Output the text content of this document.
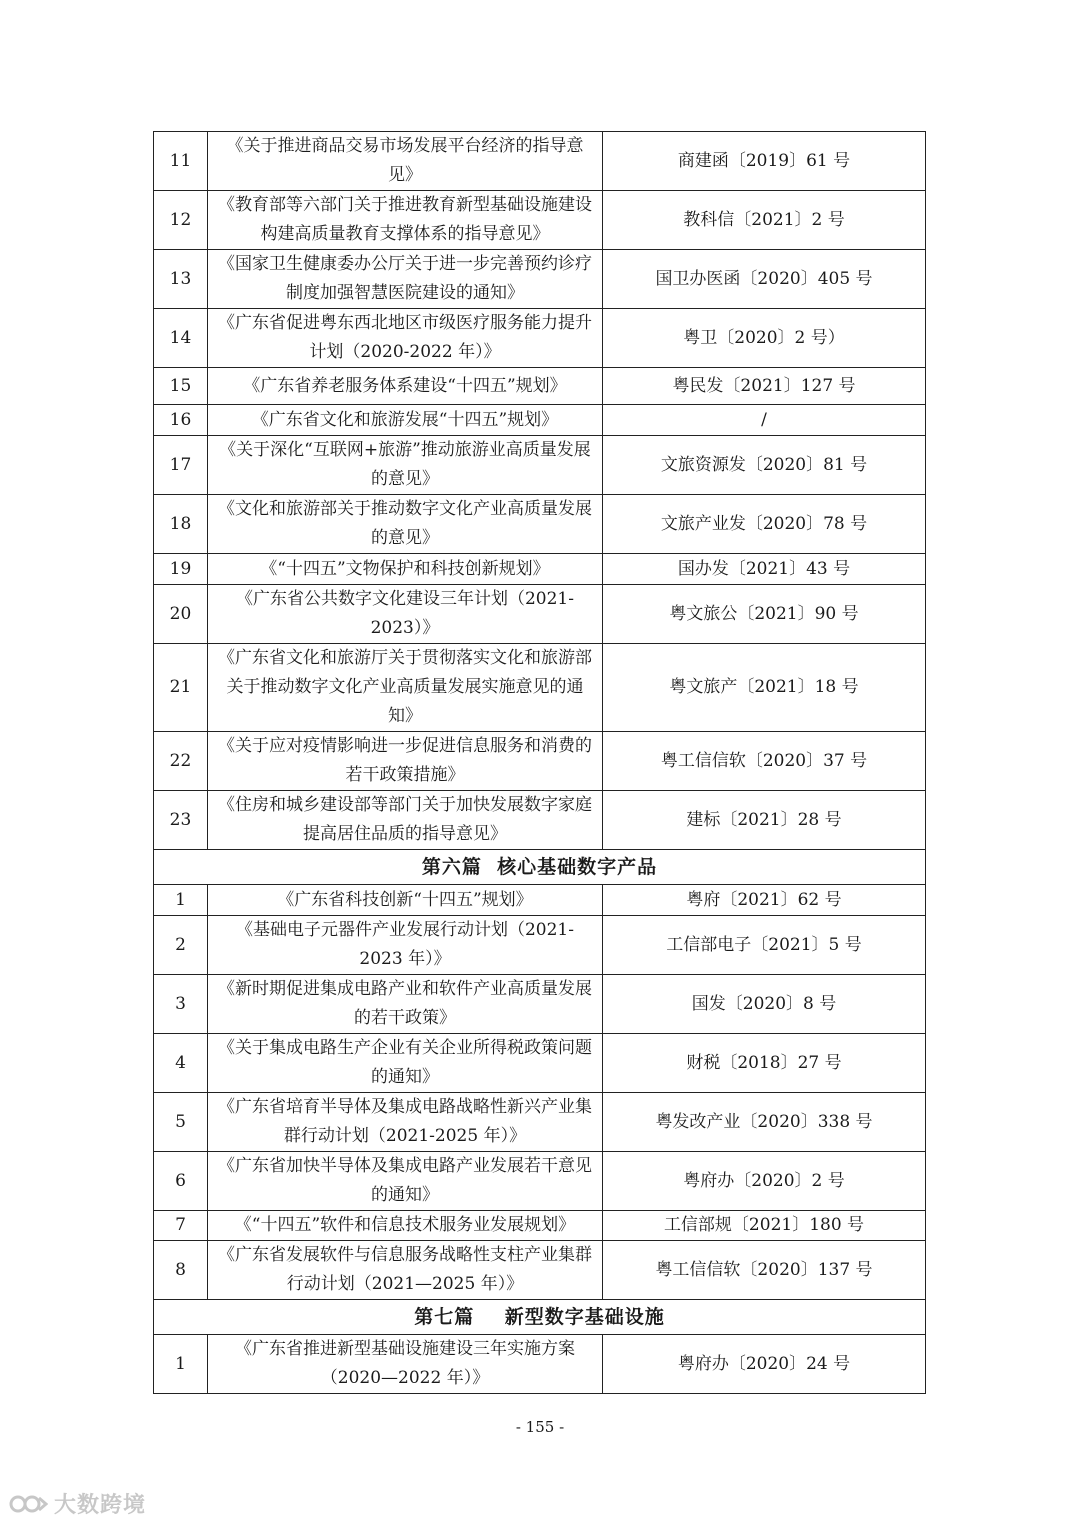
11	《关于推进商品交易市场发展平台经济的指导意见》	商建函〔2019〕61 号
12	《教育部等六部门关于推进教育新型基础设施建设构建高质量教育支撑体系的指导意见》	教科信〔2021〕2 号
13	《国家卫生健康委办公厅关于进一步完善预约诊疗制度加强智慧医院建设的通知》	国卫办医函〔2020〕405 号
14	《广东省促进粤东西北地区市级医疗服务能力提升计划（2020-2022 年）》	粤卫〔2020〕2 号）
15	《广东省养老服务体系建设“十四五”规划》	粤民发〔2021〕127 号
16	《广东省文化和旅游发展“十四五”规划》	/
17	《关于深化“互联网+旅游”推动旅游业高质量发展的意见》	文旅资源发〔2020〕81 号
18	《文化和旅游部关于推动数字文化产业高质量发展的意见》	文旅产业发〔2020〕78 号
19	《“十四五”文物保护和科技创新规划》	国办发〔2021〕43 号
20	《广东省公共数字文化建设三年计划（2021-2023）》	粤文旅公〔2021〕90 号
21	《广东省文化和旅游厅关于贯彻落实文化和旅游部关于推动数字文化产业高质量发展实施意见的通知》	粤文旅产〔2021〕18 号
22	《关于应对疫情影响进一步促进信息服务和消费的若干政策措施》	粤工信信软〔2020〕37 号
23	《住房和城乡建设部等部门关于加快发展数字家庭 提高居住品质的指导意见》	建标〔2021〕28 号
第六篇  核心基础数字产品		
1	《广东省科技创新“十四五”规划》	粤府〔2021〕62 号
2	《基础电子元器件产业发展行动计划（2021-2023 年）》	工信部电子〔2021〕5 号
3	《新时期促进集成电路产业和软件产业高质量发展的若干政策》	国发〔2020〕8 号
4	《关于集成电路生产企业有关企业所得税政策问题的通知》	财税〔2018〕27 号
5	《广东省培育半导体及集成电路战略性新兴产业集群行动计划（2021-2025 年）》	粤发改产业〔2020〕338 号
6	《广东省加快半导体及集成电路产业发展若干意见的通知》	粤府办〔2020〕2 号
7	《“十四五”软件和信息技术服务业发展规划》	工信部规〔2021〕180 号
8	《广东省发展软件与信息服务战略性支柱产业集群行动计划（2021—2025 年）》	粤工信信软〔2020〕137 号
第七篇    新型数字基础设施		
1	《广东省推进新型基础设施建设三年实施方案（2020—2022 年）》	粤府办〔2020〕24 号
- 155 -
大数跨境
